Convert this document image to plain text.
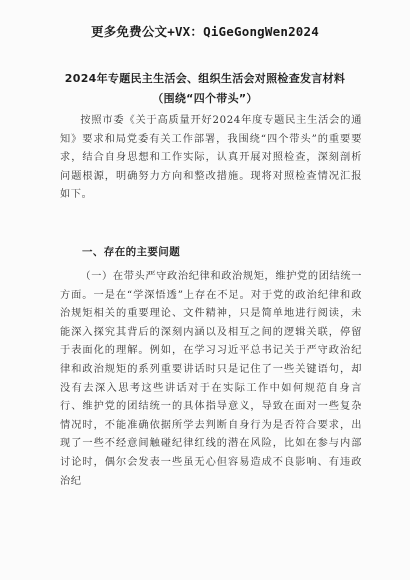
更多免费公文+VX：QiGeGongWen2024
2024年专题民主生活会、组织生活会对照检查发言材料
（围绕“四个带头”）

按照市委《关于高质量开好2024年度专题民主生活会的通知》要求和局党委有关工作部署，我围绕“四个带头”的重要要求，结合自身思想和工作实际，认真开展对照检查，深刻剖析问题根源，明确努力方向和整改措施。现将对照检查情况汇报如下。

一、存在的主要问题

（一）在带头严守政治纪律和政治规矩，维护党的团结统一方面。一是在“学深悟透”上存在不足。对于党的政治纪律和政治规矩相关的重要理论、文件精神，只是简单地进行阅读，未能深入探究其背后的深刻内涵以及相互之间的逻辑关联，停留于表面化的理解。例如，在学习习近平总书记关于严守政治纪律和政治规矩的系列重要讲话时只是记住了一些关键语句，却没有去深入思考这些讲话对于在实际工作中如何规范自身言行、维护党的团结统一的具体指导意义，导致在面对一些复杂情况时，不能准确依据所学去判断自身行为是否符合要求，出现了一些不经意间触碰纪律红线的潜在风险，比如在参与内部讨论时，偶尔会发表一些虽无心但容易造成不良影响、有违政治纪
